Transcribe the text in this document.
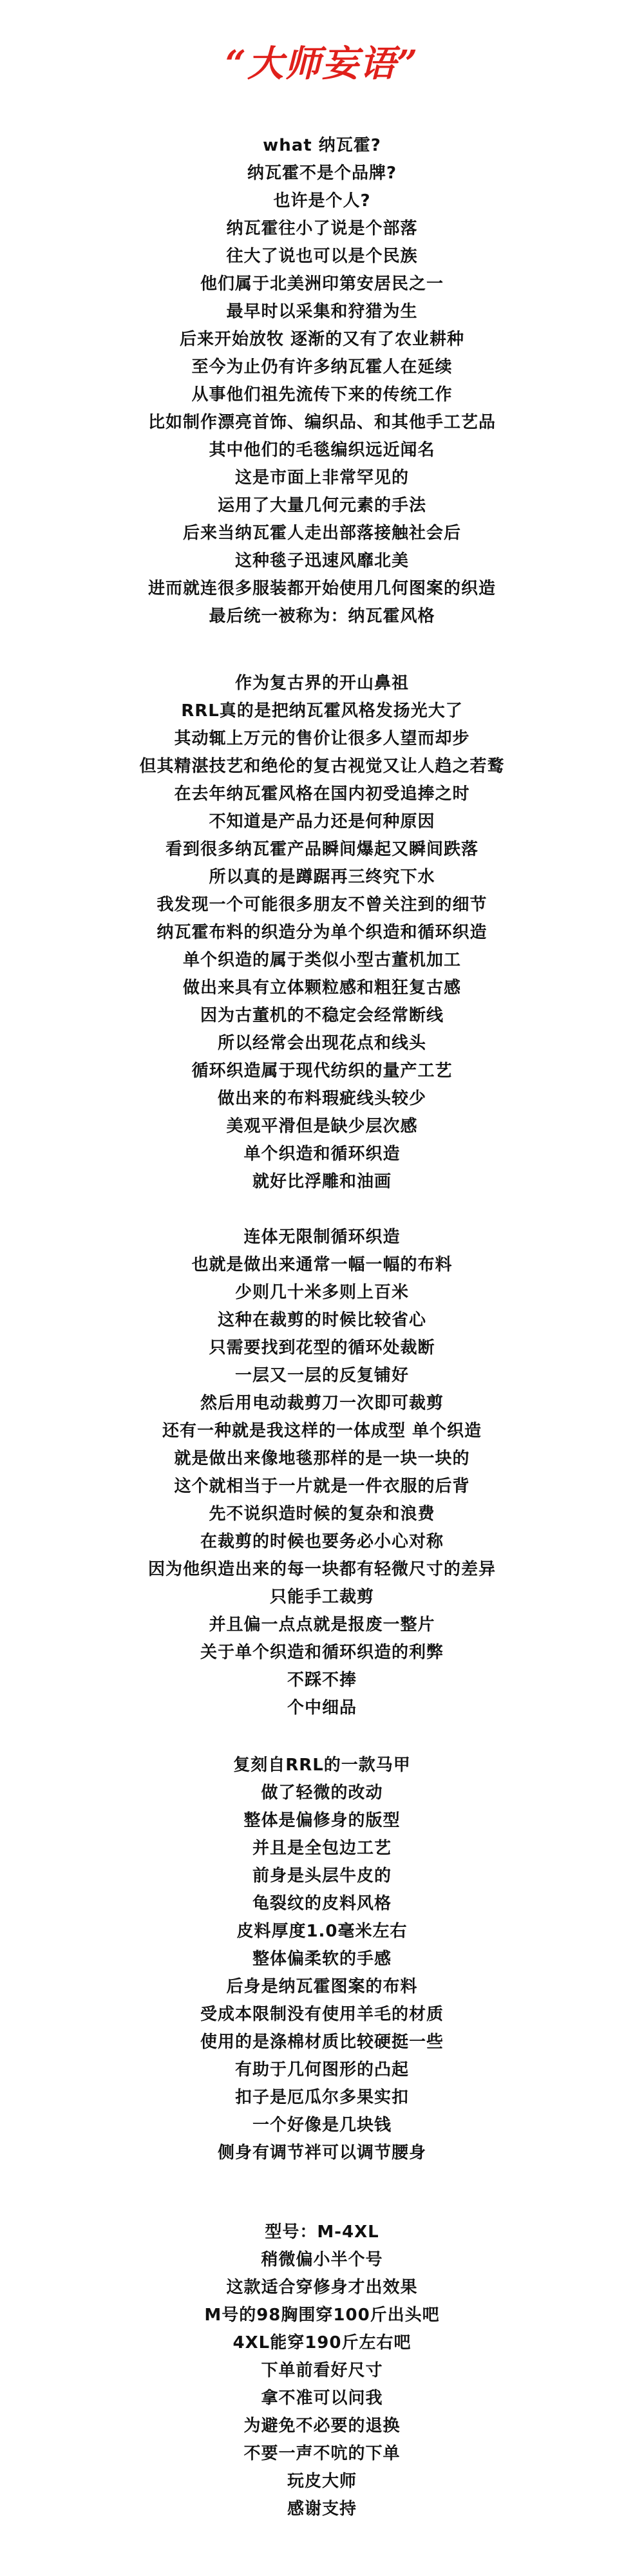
“大师妄语”
what 纳瓦霍?
纳瓦霍不是个品牌?
也许是个人?
纳瓦霍往小了说是个部落
往大了说也可以是个民族
他们属于北美洲印第安居民之一
最早时以采集和狩猎为生
后来开始放牧 逐渐的又有了农业耕种
至今为止仍有许多纳瓦霍人在延续
从事他们祖先流传下来的传统工作
比如制作漂亮首饰、编织品、和其他手工艺品
其中他们的毛毯编织远近闻名
这是市面上非常罕见的
运用了大量几何元素的手法
后来当纳瓦霍人走出部落接触社会后
这种毯子迅速风靡北美
进而就连很多服装都开始使用几何图案的织造
最后统一被称为：纳瓦霍风格
作为复古界的开山鼻祖
RRL真的是把纳瓦霍风格发扬光大了
其动辄上万元的售价让很多人望而却步
但其精湛技艺和绝伦的复古视觉又让人趋之若鹜
在去年纳瓦霍风格在国内初受追捧之时
不知道是产品力还是何种原因
看到很多纳瓦霍产品瞬间爆起又瞬间跌落
所以真的是蹲踞再三终究下水
我发现一个可能很多朋友不曾关注到的细节
纳瓦霍布料的织造分为单个织造和循环织造
单个织造的属于类似小型古董机加工
做出来具有立体颗粒感和粗狂复古感
因为古董机的不稳定会经常断线
所以经常会出现花点和线头
循环织造属于现代纺织的量产工艺
做出来的布料瑕疵线头较少
美观平滑但是缺少层次感
单个织造和循环织造
就好比浮雕和油画
连体无限制循环织造
也就是做出来通常一幅一幅的布料
少则几十米多则上百米
这种在裁剪的时候比较省心
只需要找到花型的循环处裁断
一层又一层的反复铺好
然后用电动裁剪刀一次即可裁剪
还有一种就是我这样的一体成型 单个织造
就是做出来像地毯那样的是一块一块的
这个就相当于一片就是一件衣服的后背
先不说织造时候的复杂和浪费
在裁剪的时候也要务必小心对称
因为他织造出来的每一块都有轻微尺寸的差异
只能手工裁剪
并且偏一点点就是报废一整片
关于单个织造和循环织造的利弊
不踩不捧
个中细品
复刻自RRL的一款马甲
做了轻微的改动
整体是偏修身的版型
并且是全包边工艺
前身是头层牛皮的
龟裂纹的皮料风格
皮料厚度1.0毫米左右
整体偏柔软的手感
后身是纳瓦霍图案的布料
受成本限制没有使用羊毛的材质
使用的是涤棉材质比较硬挺一些
有助于几何图形的凸起
扣子是厄瓜尔多果实扣
一个好像是几块钱
侧身有调节袢可以调节腰身
型号：M-4XL
稍微偏小半个号
这款适合穿修身才出效果
M号的98胸围穿100斤出头吧
4XL能穿190斤左右吧
下单前看好尺寸
拿不准可以问我
为避免不必要的退换
不要一声不吭的下单
玩皮大师
感谢支持
